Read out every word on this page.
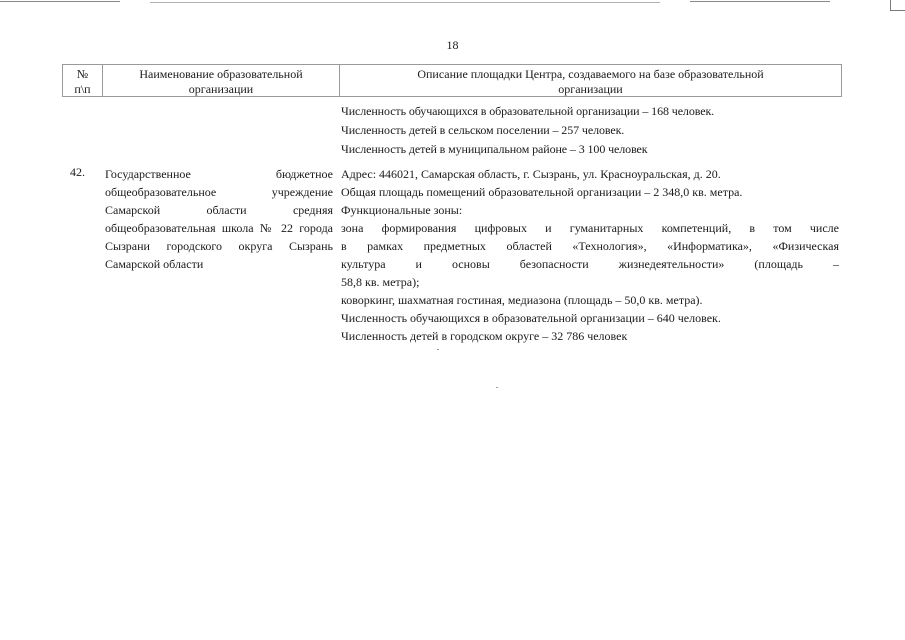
18
№
п\п
Наименование образовательной
организации
Описание площадки Центра, создаваемого на базе образовательной
организации
Численность обучающихся в образовательной организации – 168 человек.
Численность детей в сельском поселении – 257 человек.
Численность детей в муниципальном районе – 3 100 человек
42. Государственное бюджетное общеобразовательное учреждение Самарской области средняя общеобразовательная школа № 22 города Сызрани городского округа Сызрань Самарской области
Адрес: 446021, Самарская область, г. Сызрань, ул. Красноуральская, д. 20.
Общая площадь помещений образовательной организации – 2 348,0 кв. метра.
Функциональные зоны:
зона формирования цифровых и гуманитарных компетенций, в том числе
в рамках предметных областей «Технология», «Информатика», «Физическая
культура и основы безопасности жизнедеятельности» (площадь –
58,8 кв. метра);
коворкинг, шахматная гостиная, медиазона (площадь – 50,0 кв. метра).
Численность обучающихся в образовательной организации – 640 человек.
Численность детей в городском округе – 32 786 человек
